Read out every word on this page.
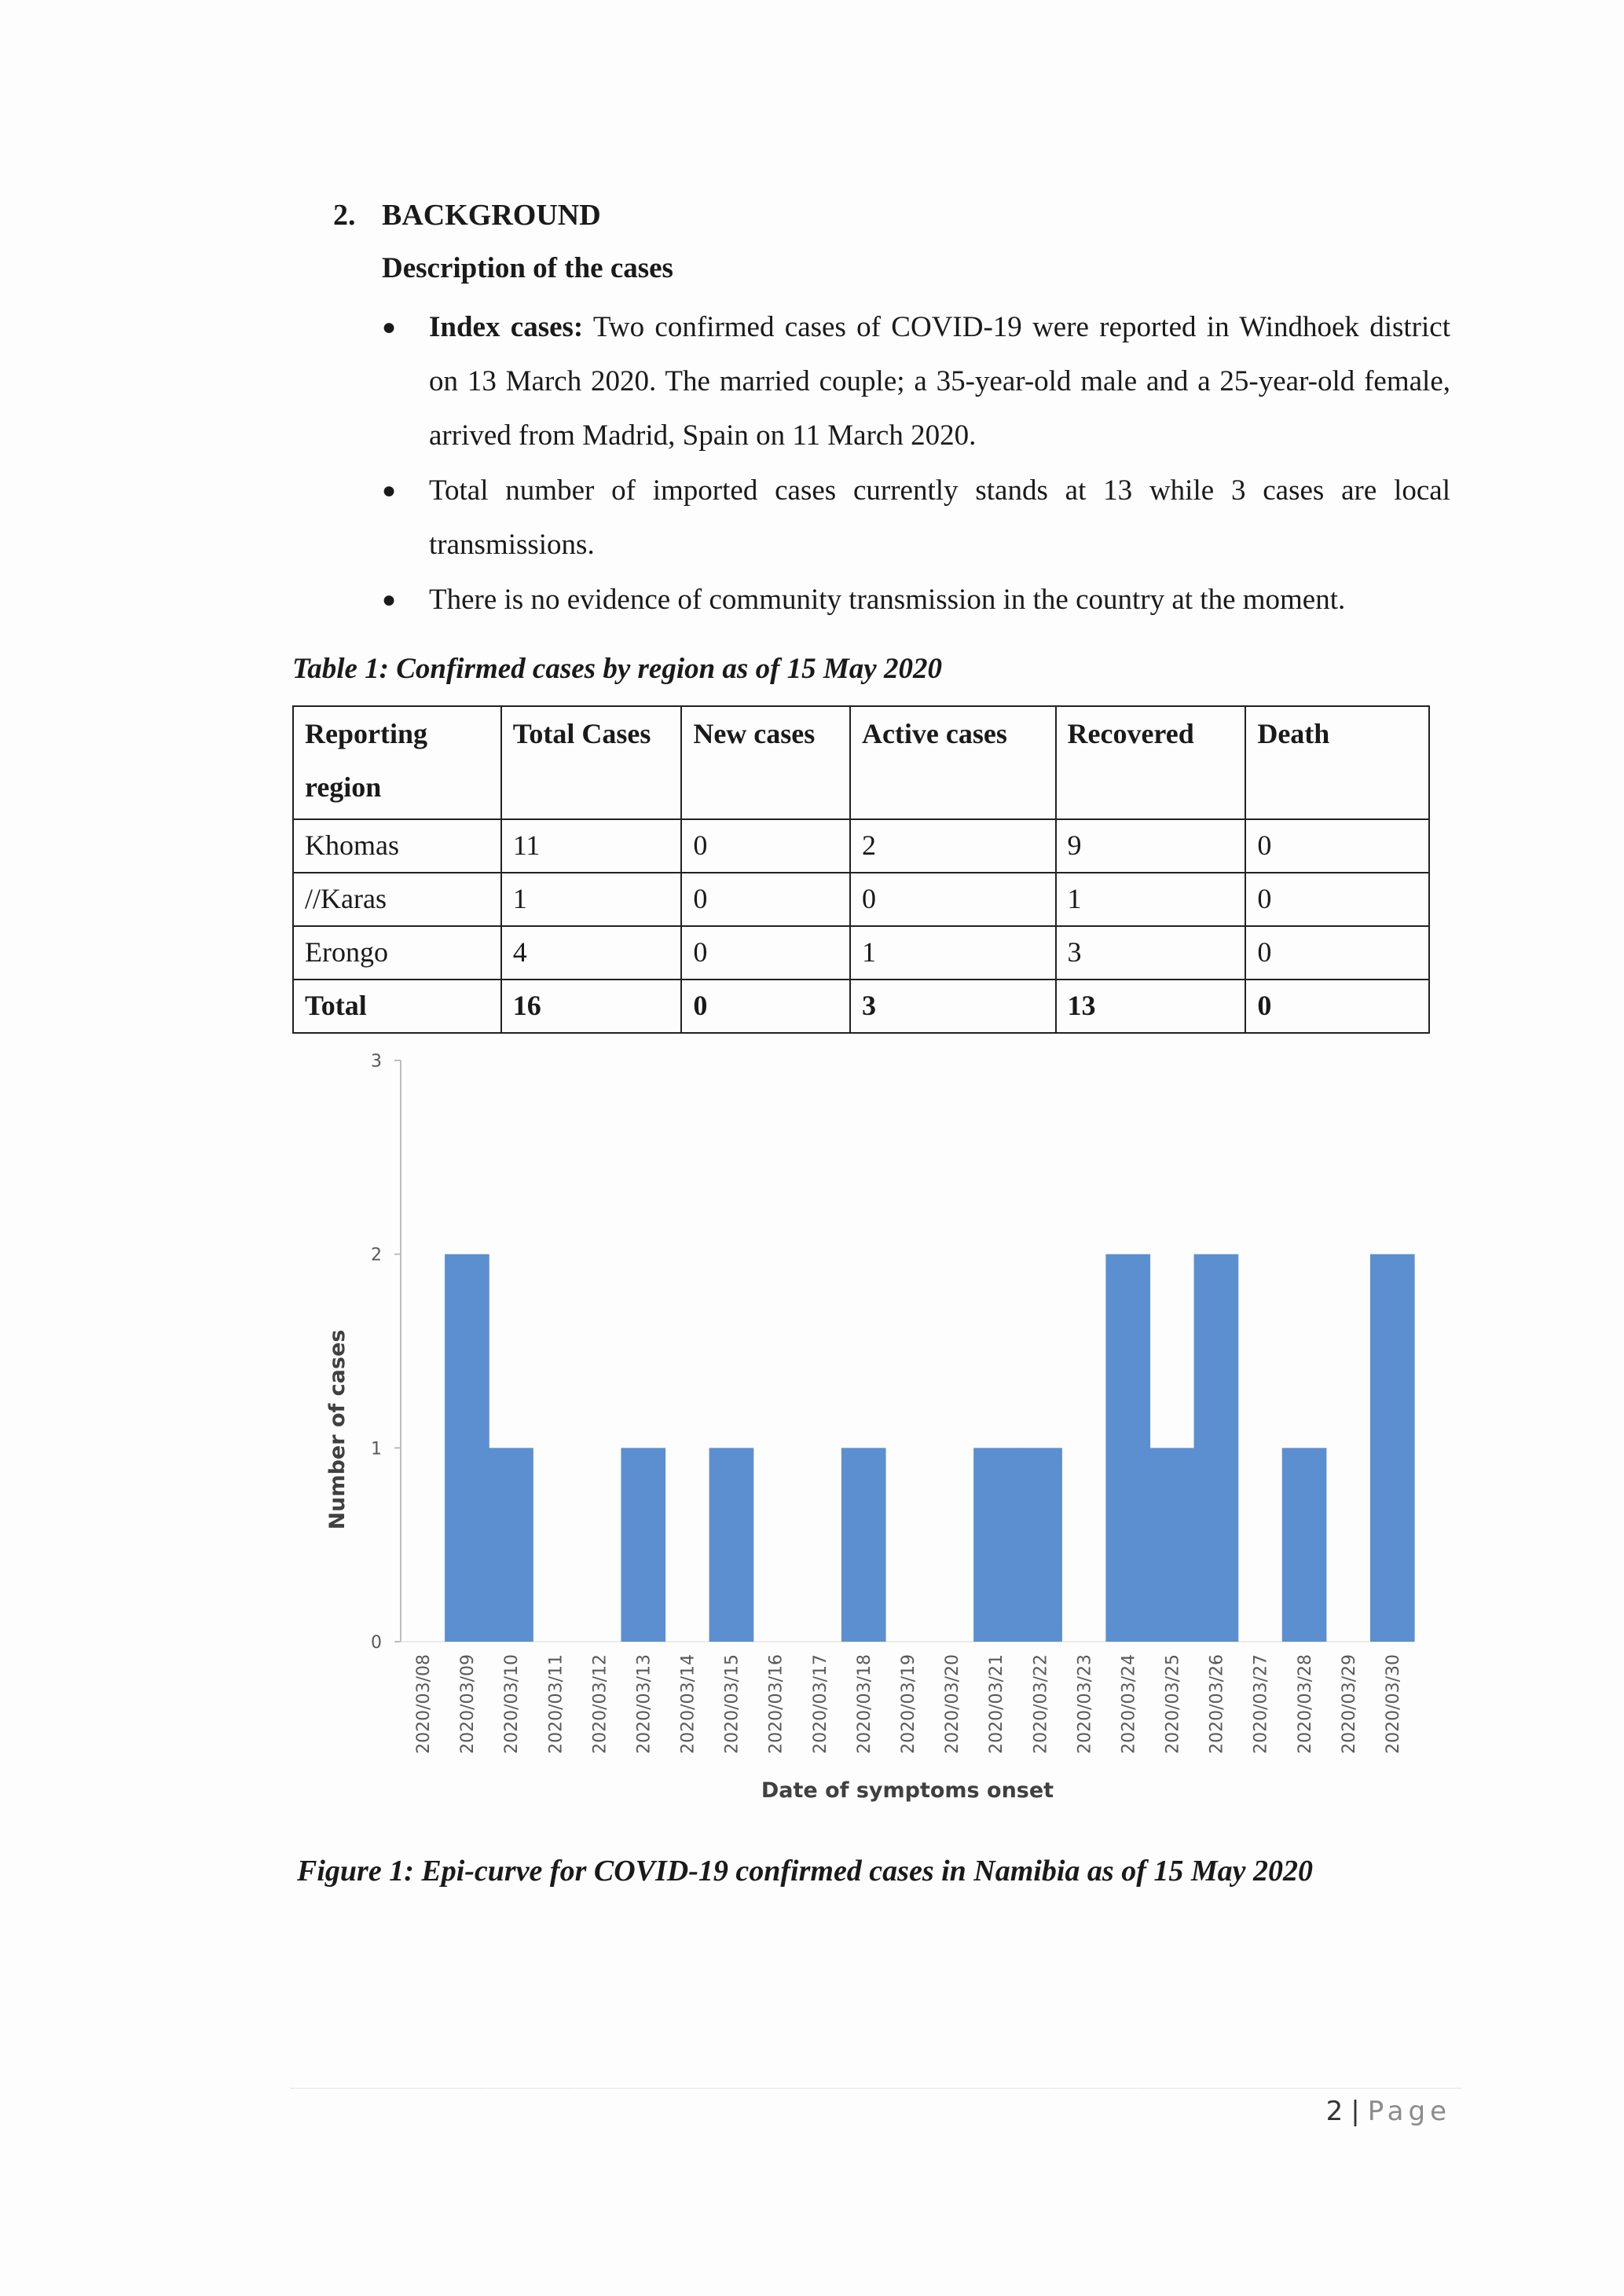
2. BACKGROUND
Description of the cases
● Index cases: Two confirmed cases of COVID-19 were reported in Windhoek district on 13 March 2020. The married couple; a 35-year-old male and a 25-year-old female, arrived from Madrid, Spain on 11 March 2020.
● Total number of imported cases currently stands at 13 while 3 cases are local transmissions.
● There is no evidence of community transmission in the country at the moment.
Table 1: Confirmed cases by region as of 15 May 2020
Reporting region	Total Cases	New cases	Active cases	Recovered	Death
Khomas	11	0	2	9	0
//Karas	1	0	0	1	0
Erongo	4	0	1	3	0
Total	16	0	3	13	0
0
1
2
3
2020/03/08 2020/03/09 2020/03/10 2020/03/11 2020/03/12 2020/03/13 2020/03/14 2020/03/15 2020/03/16 2020/03/17 2020/03/18 2020/03/19 2020/03/20 2020/03/21 2020/03/22 2020/03/23 2020/03/24 2020/03/25 2020/03/26 2020/03/27 2020/03/28 2020/03/29 2020/03/30
Date of symptoms onset
Number of cases
Figure 1: Epi-curve for COVID-19 confirmed cases in Namibia as of 15 May 2020
2 | Page
